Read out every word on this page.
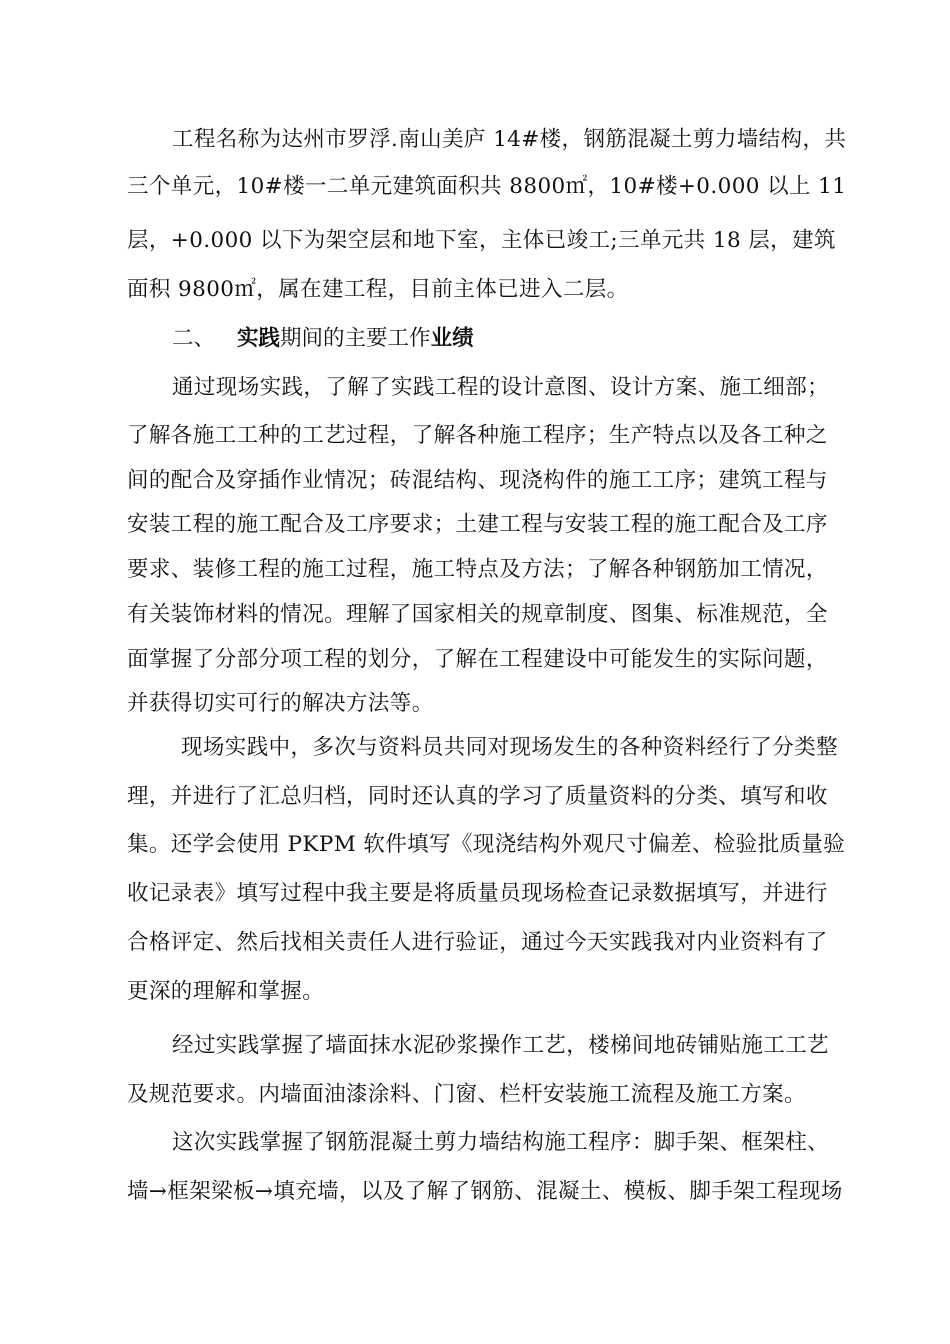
工程名称为达州市罗浮.南山美庐 14#楼，钢筋混凝土剪力墙结构，共
三个单元，10#楼一二单元建筑面积共 8800㎡，10#楼+0.000 以上 11
层，+0.000 以下为架空层和地下室，主体已竣工;三单元共 18 层，建筑
面积 9800㎡，属在建工程，目前主体已进入二层。
二、 实践期间的主要工作业绩
通过现场实践，了解了实践工程的设计意图、设计方案、施工细部；
了解各施工工种的工艺过程，了解各种施工程序；生产特点以及各工种之
间的配合及穿插作业情况；砖混结构、现浇构件的施工工序；建筑工程与
安装工程的施工配合及工序要求；土建工程与安装工程的施工配合及工序
要求、装修工程的施工过程，施工特点及方法；了解各种钢筋加工情况，
有关装饰材料的情况。理解了国家相关的规章制度、图集、标准规范，全
面掌握了分部分项工程的划分，了解在工程建设中可能发生的实际问题，
并获得切实可行的解决方法等。
现场实践中，多次与资料员共同对现场发生的各种资料经行了分类整
理，并进行了汇总归档，同时还认真的学习了质量资料的分类、填写和收
集。还学会使用 PKPM 软件填写《现浇结构外观尺寸偏差、检验批质量验
收记录表》填写过程中我主要是将质量员现场检查记录数据填写，并进行
合格评定、然后找相关责任人进行验证，通过今天实践我对内业资料有了
更深的理解和掌握。
经过实践掌握了墙面抹水泥砂浆操作工艺，楼梯间地砖铺贴施工工艺
及规范要求。内墙面油漆涂料、门窗、栏杆安装施工流程及施工方案。
这次实践掌握了钢筋混凝土剪力墙结构施工程序：脚手架、框架柱、
墙→框架梁板→填充墙，以及了解了钢筋、混凝土、模板、脚手架工程现场
